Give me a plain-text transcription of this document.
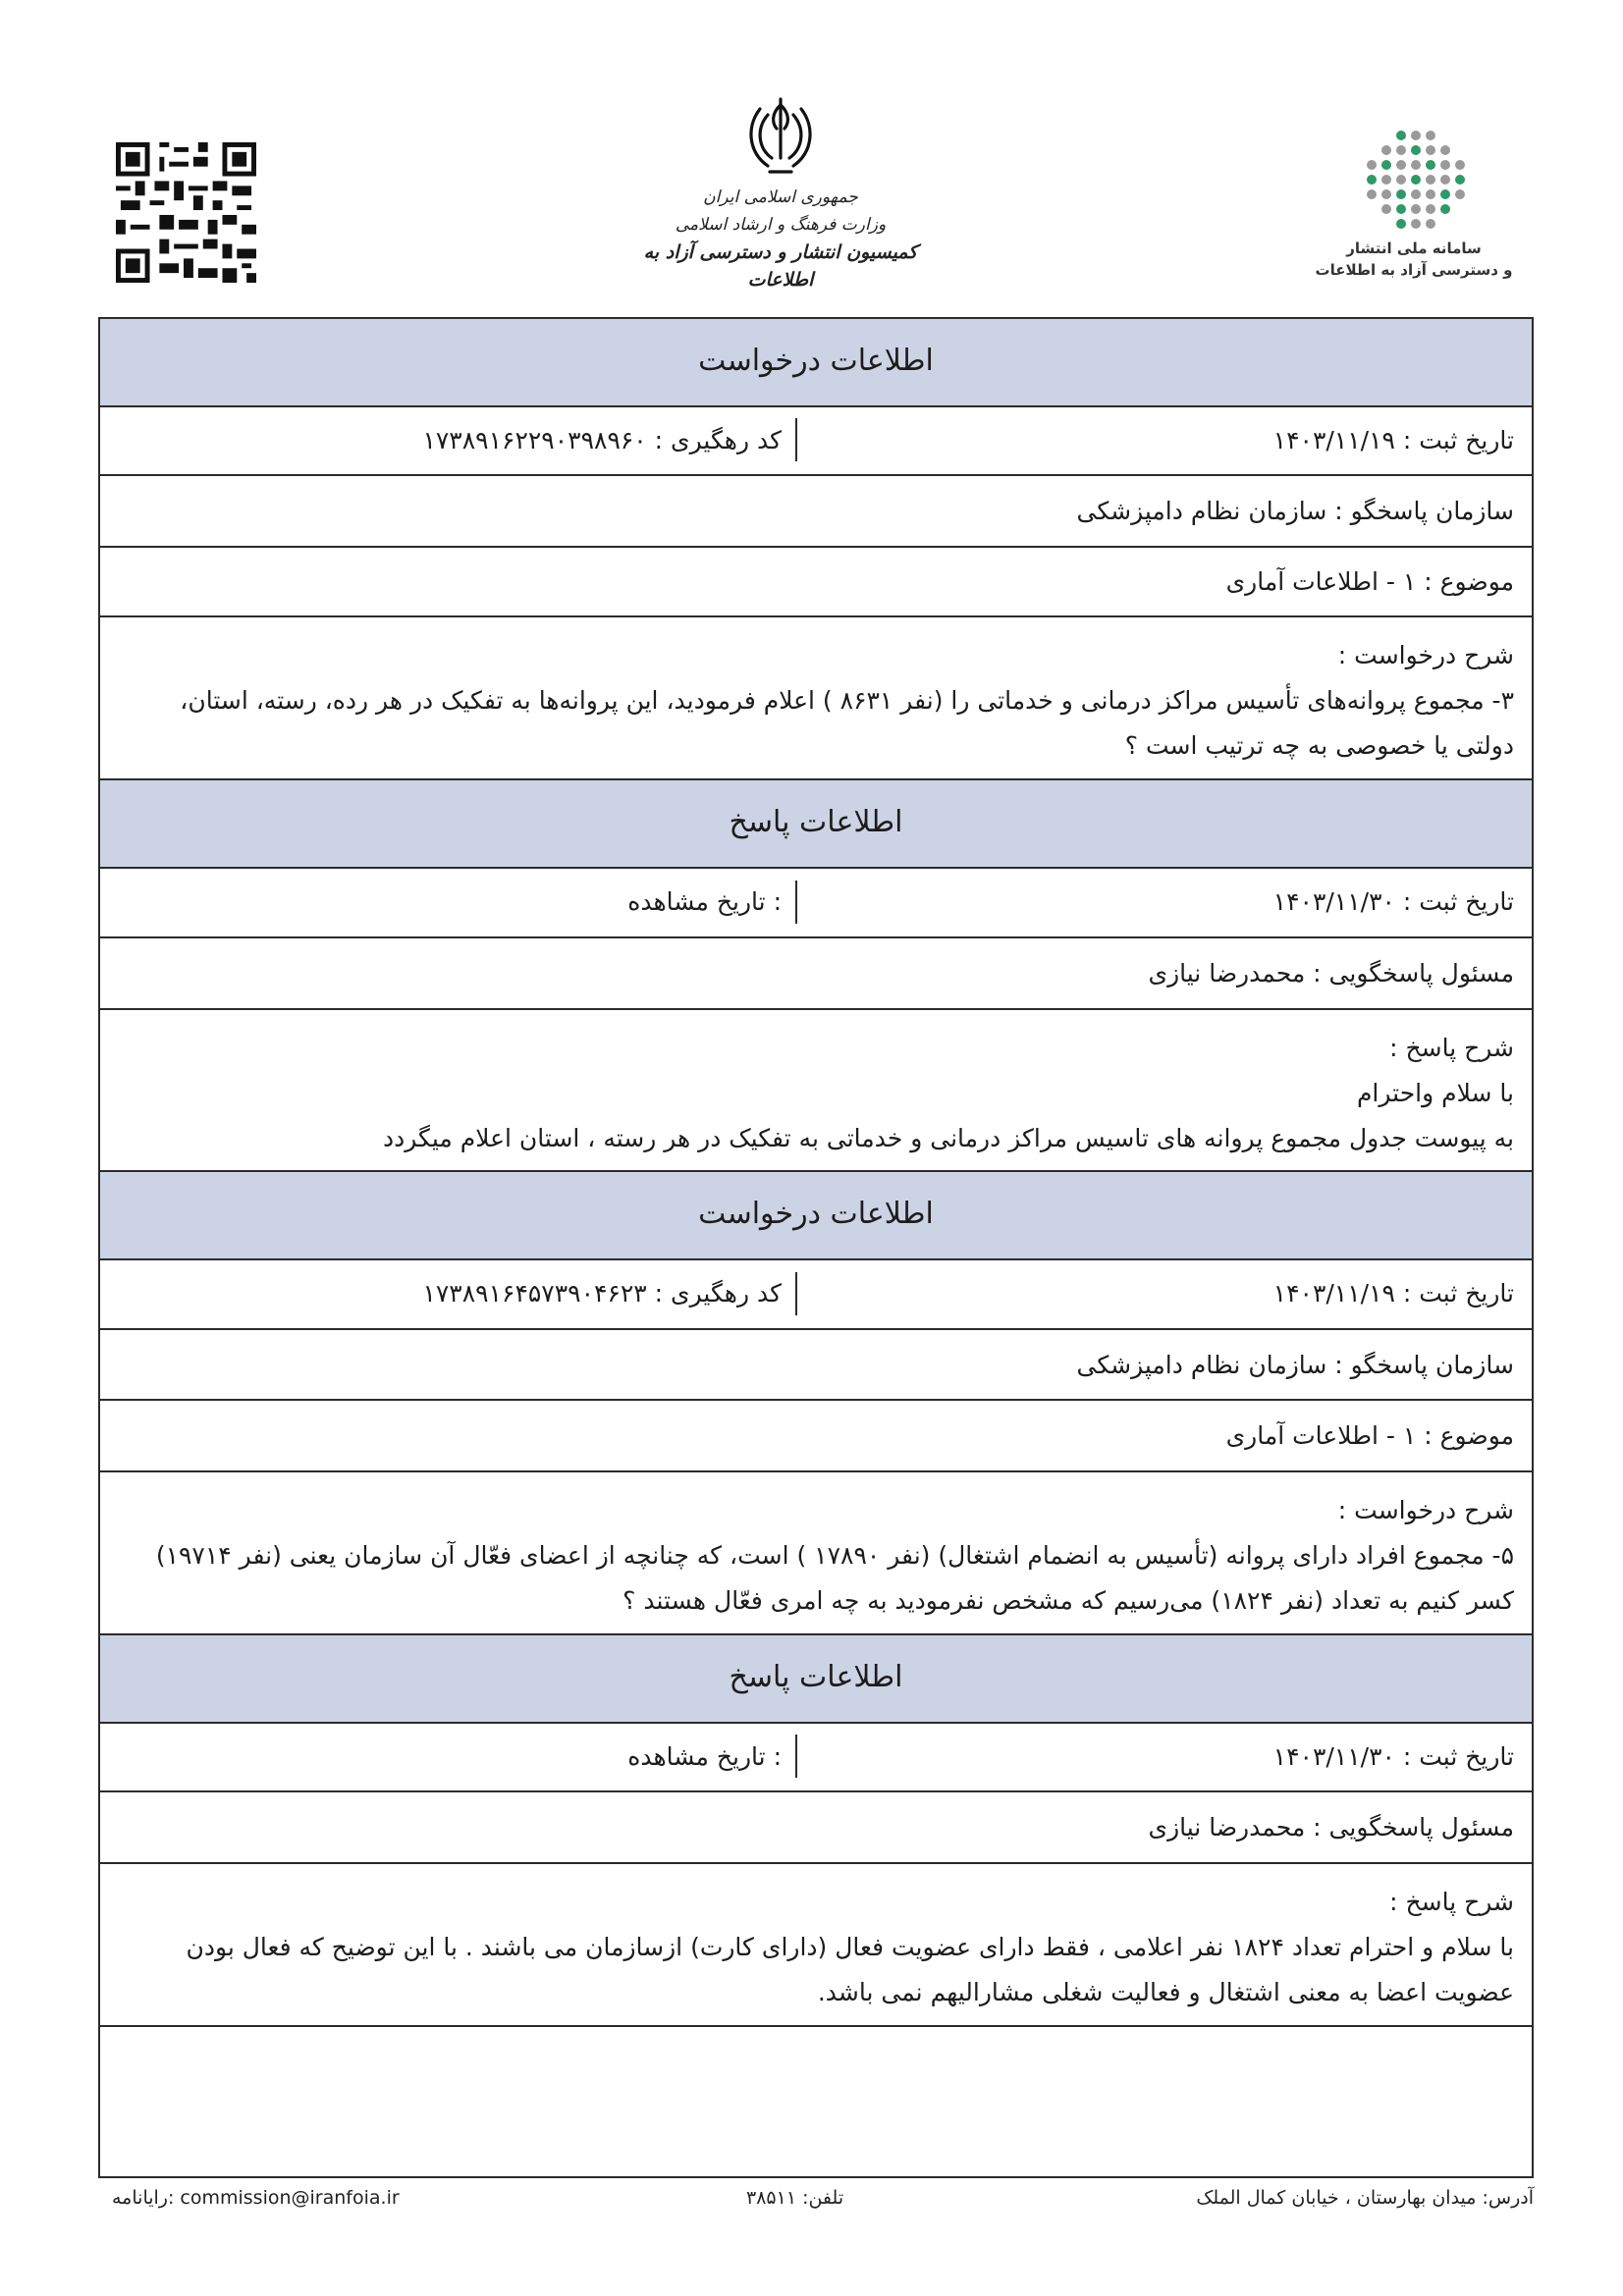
جمهوری اسلامی ایران
وزارت فرهنگ و ارشاد اسلامی
کمیسیون انتشار و دسترسی آزاد به اطلاعات
سامانه ملی انتشار
و دسترسی آزاد به اطلاعات
اطلاعات درخواست
تاریخ ثبت : ۱۴۰۳/۱۱/۱۹
کد رهگیری : ۱۷۳۸۹۱۶۲۲۹۰۳۹۸۹۶۰
سازمان پاسخگو : سازمان نظام دامپزشکی
موضوع : ۱ - اطلاعات آماری
شرح درخواست :
۳- مجموع پروانه‌های تأسیس مراکز درمانی و خدماتی را (نفر ۸۶۳۱ ) اعلام فرمودید، این پروانه‌ها به تفکیک در هر رده، رسته، استان،
دولتی یا خصوصی به چه ترتیب است ؟
اطلاعات پاسخ
تاریخ ثبت : ۱۴۰۳/۱۱/۳۰
: تاریخ مشاهده
مسئول پاسخگویی : محمدرضا نیازی
شرح پاسخ :
با سلام واحترام
به پیوست جدول مجموع پروانه های تاسیس مراکز درمانی و خدماتی به تفکیک در هر رسته ، استان اعلام میگردد
اطلاعات درخواست
تاریخ ثبت : ۱۴۰۳/۱۱/۱۹
کد رهگیری : ۱۷۳۸۹۱۶۴۵۷۳۹۰۴۶۲۳
سازمان پاسخگو : سازمان نظام دامپزشکی
موضوع : ۱ - اطلاعات آماری
شرح درخواست :
۵- مجموع افراد دارای پروانه (تأسیس به انضمام اشتغال) (نفر ۱۷۸۹۰ ) است، که چنانچه از اعضای فعّال آن سازمان یعنی (نفر ۱۹۷۱۴)
کسر کنیم به تعداد (نفر ۱۸۲۴) می‌رسیم که مشخص نفرمودید به چه امری فعّال هستند ؟
اطلاعات پاسخ
تاریخ ثبت : ۱۴۰۳/۱۱/۳۰
: تاریخ مشاهده
مسئول پاسخگویی : محمدرضا نیازی
شرح پاسخ :
با سلام و احترام تعداد ۱۸۲۴ نفر اعلامی ، فقط دارای عضویت فعال (دارای کارت) ازسازمان می باشند . با این توضیح که فعال بودن
عضویت اعضا به معنی اشتغال و فعالیت شغلی مشارالیهم نمی باشد.
آدرس: میدان بهارستان ، خیابان کمال الملک
تلفن: ۳۸۵۱۱
commission@iranfoia.ir :رایانامه
